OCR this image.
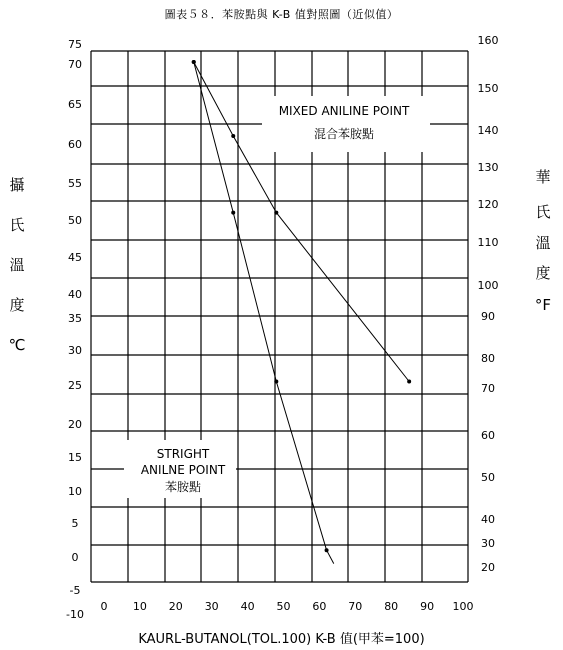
圖表５８．苯胺點與 K-B 值對照圖（近似值）
攝
氏
溫
度
℃
華
氏
溫
度
°F
0 10 20 30 40 50 60 70 80 90 100
75
70
65
60
55
50
45
40
35
30
25
20
15
10
5
0
-5
-10
160
150
140
130
120
110
100
90
80
70
60
50
40
30
20
MIXED ANILINE POINT
混合苯胺點
STRIGHT
ANILNE POINT
苯胺點
KAURL-BUTANOL(TOL.100) K-B 值(甲苯=100)
